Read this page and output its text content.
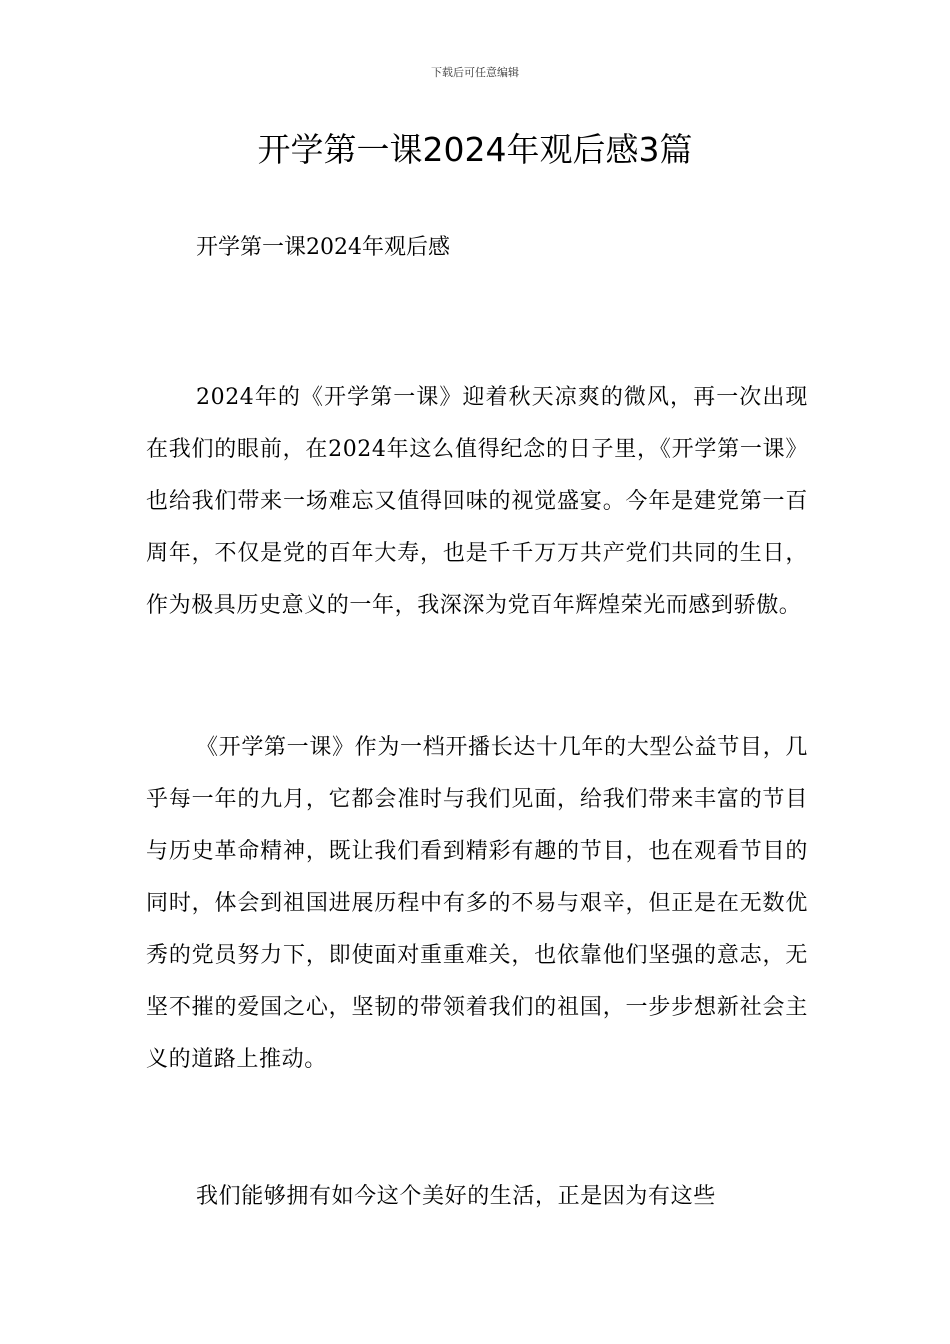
下载后可任意编辑
开学第一课2024年观后感3篇

开学第一课2024年观后感

2024年的《开学第一课》迎着秋天凉爽的微风，再一次出现在我们的眼前，在2024年这么值得纪念的日子里，《开学第一课》也给我们带来一场难忘又值得回味的视觉盛宴。今年是建党第一百周年，不仅是党的百年大寿，也是千千万万共产党们共同的生日，作为极具历史意义的一年，我深深为党百年辉煌荣光而感到骄傲。

《开学第一课》作为一档开播长达十几年的大型公益节目，几乎每一年的九月，它都会准时与我们见面，给我们带来丰富的节目与历史革命精神，既让我们看到精彩有趣的节目，也在观看节目的同时，体会到祖国进展历程中有多的不易与艰辛，但正是在无数优秀的党员努力下，即使面对重重难关，也依靠他们坚强的意志，无坚不摧的爱国之心，坚韧的带领着我们的祖国，一步步想新社会主义的道路上推动。

我们能够拥有如今这个美好的生活，正是因为有这些
